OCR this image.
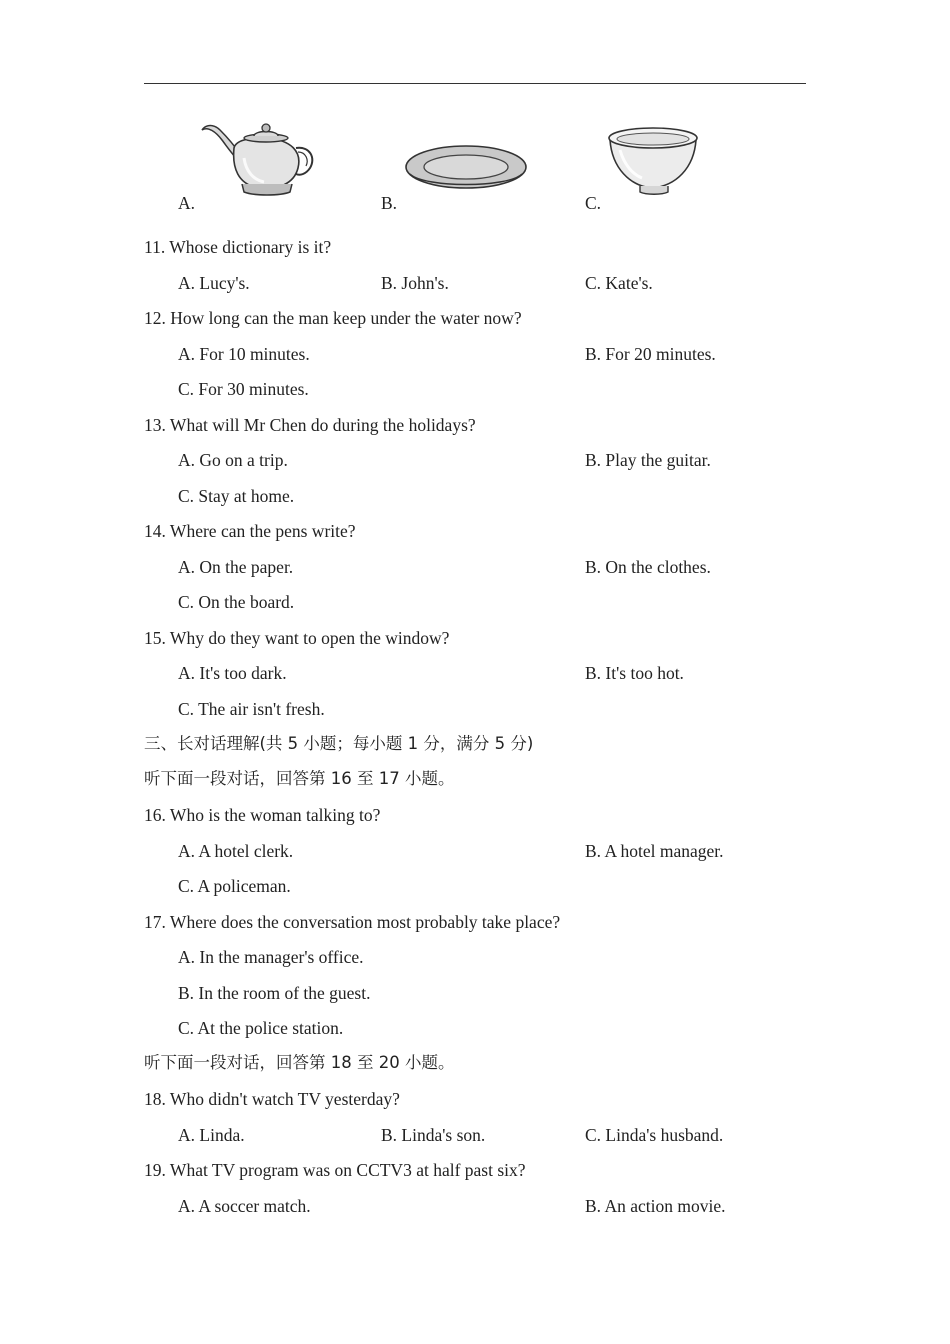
A.	B.	C.
11. Whose dictionary is it?
A. Lucy's.	B. John's.	C. Kate's.
12. How long can the man keep under the water now?
A. For 10 minutes.	B. For 20 minutes.
C. For 30 minutes.
13. What will Mr Chen do during the holidays?
A. Go on a trip.	B. Play the guitar.
C. Stay at home.
14. Where can the pens write?
A. On the paper.	B. On the clothes.
C. On the board.
15. Why do they want to open the window?
A. It's too dark.	B. It's too hot.
C. The air isn't fresh.
三、长对话理解(共 5 小题；每小题 1 分，满分 5 分)
听下面一段对话，回答第 16 至 17 小题。
16. Who is the woman talking to?
A. A hotel clerk.	B. A hotel manager.
C. A policeman.
17. Where does the conversation most probably take place?
A. In the manager's office.
B. In the room of the guest.
C. At the police station.
听下面一段对话，回答第 18 至 20 小题。
18. Who didn't watch TV yesterday?
A. Linda.	B. Linda's son.	C. Linda's husband.
19. What TV program was on CCTV3 at half past six?
A. A soccer match.	B. An action movie.
